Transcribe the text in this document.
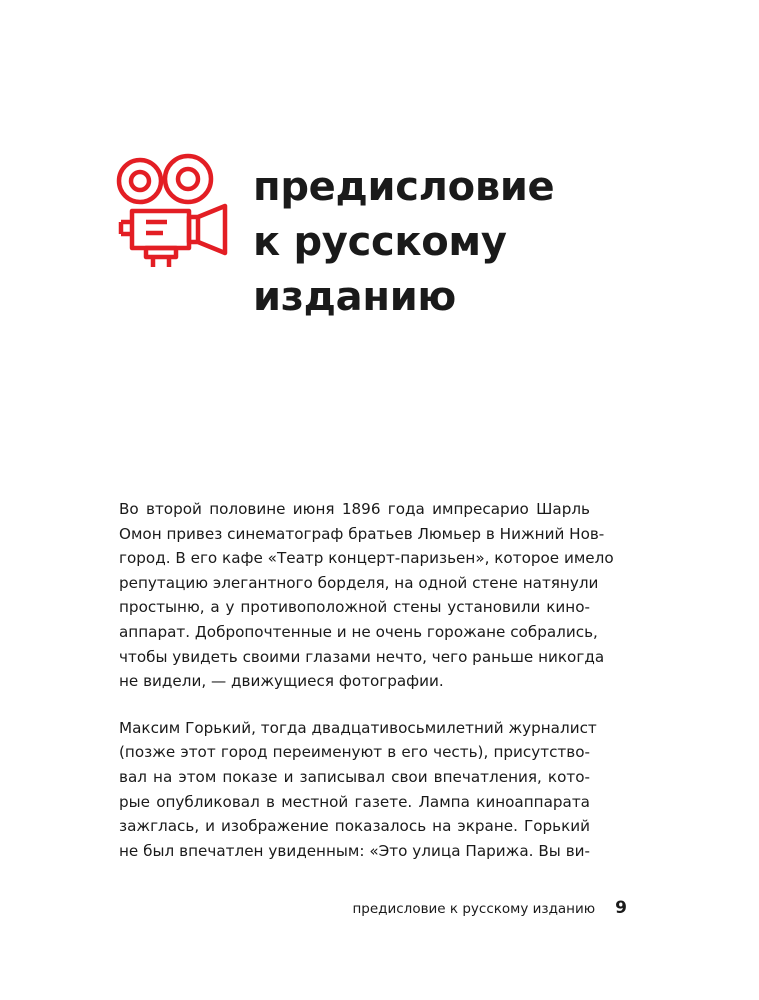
предисловие
к русскому
изданию

Во второй половине июня 1896 года импресарио Шарль
Омон привез синематограф братьев Люмьер в Нижний Нов-
город. В его кафе «Театр концерт-паризьен», которое имело
репутацию элегантного борделя, на одной стене натянули
простыню, а у противоположной стены установили кино-
аппарат. Добропочтенные и не очень горожане собрались,
чтобы увидеть своими глазами нечто, чего раньше никогда
не видели, — движущиеся фотографии.

Максим Горький, тогда двадцативосьмилетний журналист
(позже этот город переименуют в его честь), присутство-
вал на этом показе и записывал свои впечатления, кото-
рые опубликовал в местной газете. Лампа киноаппарата
зажглась, и изображение показалось на экране. Горький
не был впечатлен увиденным: «Это улица Парижа. Вы ви-

предисловие к русскому изданию 9
